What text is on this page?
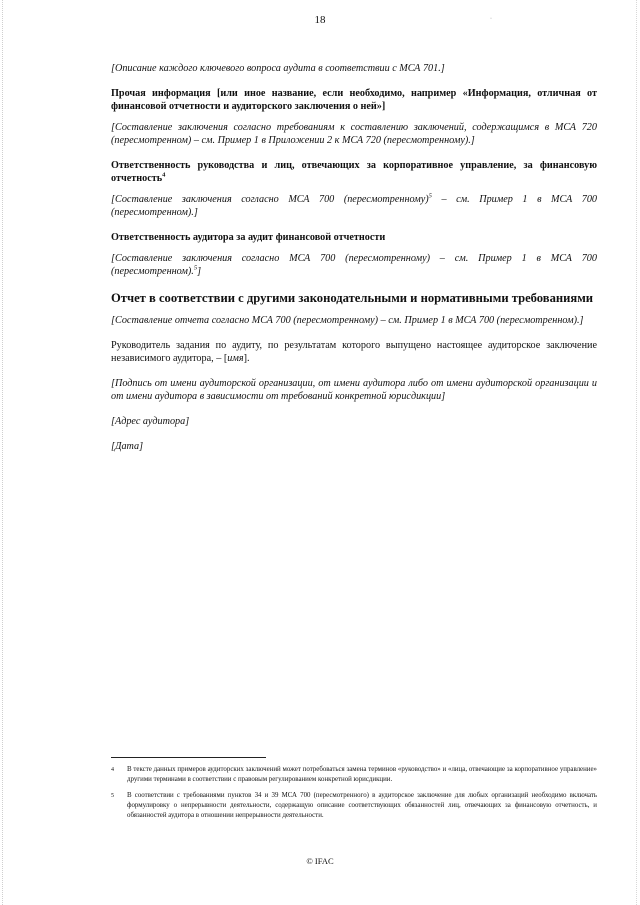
18	·

[Описание каждого ключевого вопроса аудита в соответствии с МСА 701.]

Прочая информация [или иное название, если необходимо, например «Информация, отличная от финансовой отчетности и аудиторского заключения о ней»]

[Составление заключения согласно требованиям к составлению заключений, содержащимся в МСА 720 (пересмотренном) – см. Пример 1 в Приложении 2 к МСА 720 (пересмотренному).]

Ответственность руководства и лиц, отвечающих за корпоративное управление, за финансовую отчетность$^4$

[Составление заключения согласно МСА 700 (пересмотренному)$^5$ – см. Пример 1 в МСА 700 (пересмотренном).]

Ответственность аудитора за аудит финансовой отчетности

[Составление заключения согласно МСА 700 (пересмотренному) – см. Пример 1 в МСА 700 (пересмотренном).$^5$]

Отчет в соответствии с другими законодательными и нормативными требованиями

[Составление отчета согласно МСА 700 (пересмотренному) – см. Пример 1 в МСА 700 (пересмотренном).]

Руководитель задания по аудиту, по результатам которого выпущено настоящее аудиторское заключение независимого аудитора, – [имя].

[Подпись от имени аудиторской организации, от имени аудитора либо от имени аудиторской организации и от имени аудитора в зависимости от требований конкретной юрисдикции]

[Адрес аудитора]

[Дата]

4	В тексте данных примеров аудиторских заключений может потребоваться замена терминов «руководство» и «лица, отвечающие за корпоративное управление» другими терминами в соответствии с правовым регулированием конкретной юрисдикции.
5	В соответствии с требованиями пунктов 34 и 39 МСА 700 (пересмотренного) в аудиторское заключение для любых организаций необходимо включать формулировку о непрерывности деятельности, содержащую описание соответствующих обязанностей лиц, отвечающих за финансовую отчетность, и обязанностей аудитора в отношении непрерывности деятельности.
© IFAC
